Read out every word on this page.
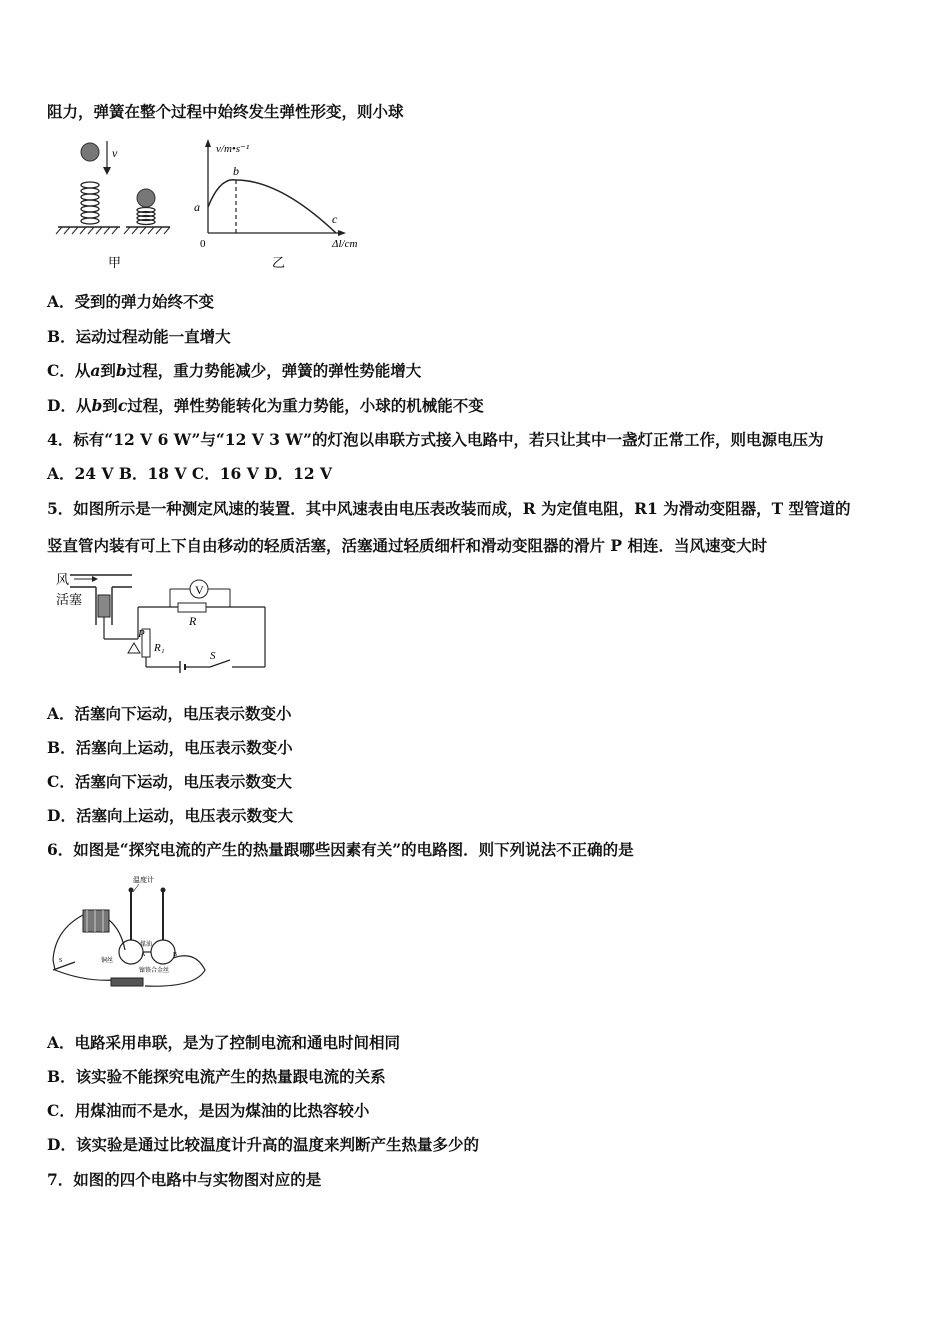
阻力，弹簧在整个过程中始终发生弹性形变，则小球
v
甲
v/m•s⁻¹
Δl/cm
0
a
b
c
乙
A．受到的弹力始终不变
B．运动过程动能一直增大
C．从a到b过程，重力势能减少，弹簧的弹性势能增大
D．从b到c过程，弹性势能转化为重力势能，小球的机械能不变
4．标有“12 V 6 W”与“12 V 3 W”的灯泡以串联方式接入电路中，若只让其中一盏灯正常工作，则电源电压为
A．24 V B．18 V C．16 V D．12 V
5．如图所示是一种测定风速的装置．其中风速表由电压表改装而成，R 为定值电阻，R1 为滑动变阻器，T 型管道的
竖直管内装有可上下自由移动的轻质活塞，活塞通过轻质细杆和滑动变阻器的滑片 P 相连．当风速变大时
风
活塞
R
V
R₁
P
S
A．活塞向下运动，电压表示数变小
B．活塞向上运动，电压表示数变小
C．活塞向下运动，电压表示数变大
D．活塞向上运动，电压表示数变大
6．如图是“探究电流的产生的热量跟哪些因素有关”的电路图．则下列说法不正确的是
温度计
A	B
煤油
铜丝
镍铬合金丝
S
A．电路采用串联，是为了控制电流和通电时间相同
B．该实验不能探究电流产生的热量跟电流的关系
C．用煤油而不是水，是因为煤油的比热容较小
D．该实验是通过比较温度计升高的温度来判断产生热量多少的
7．如图的四个电路中与实物图对应的是
